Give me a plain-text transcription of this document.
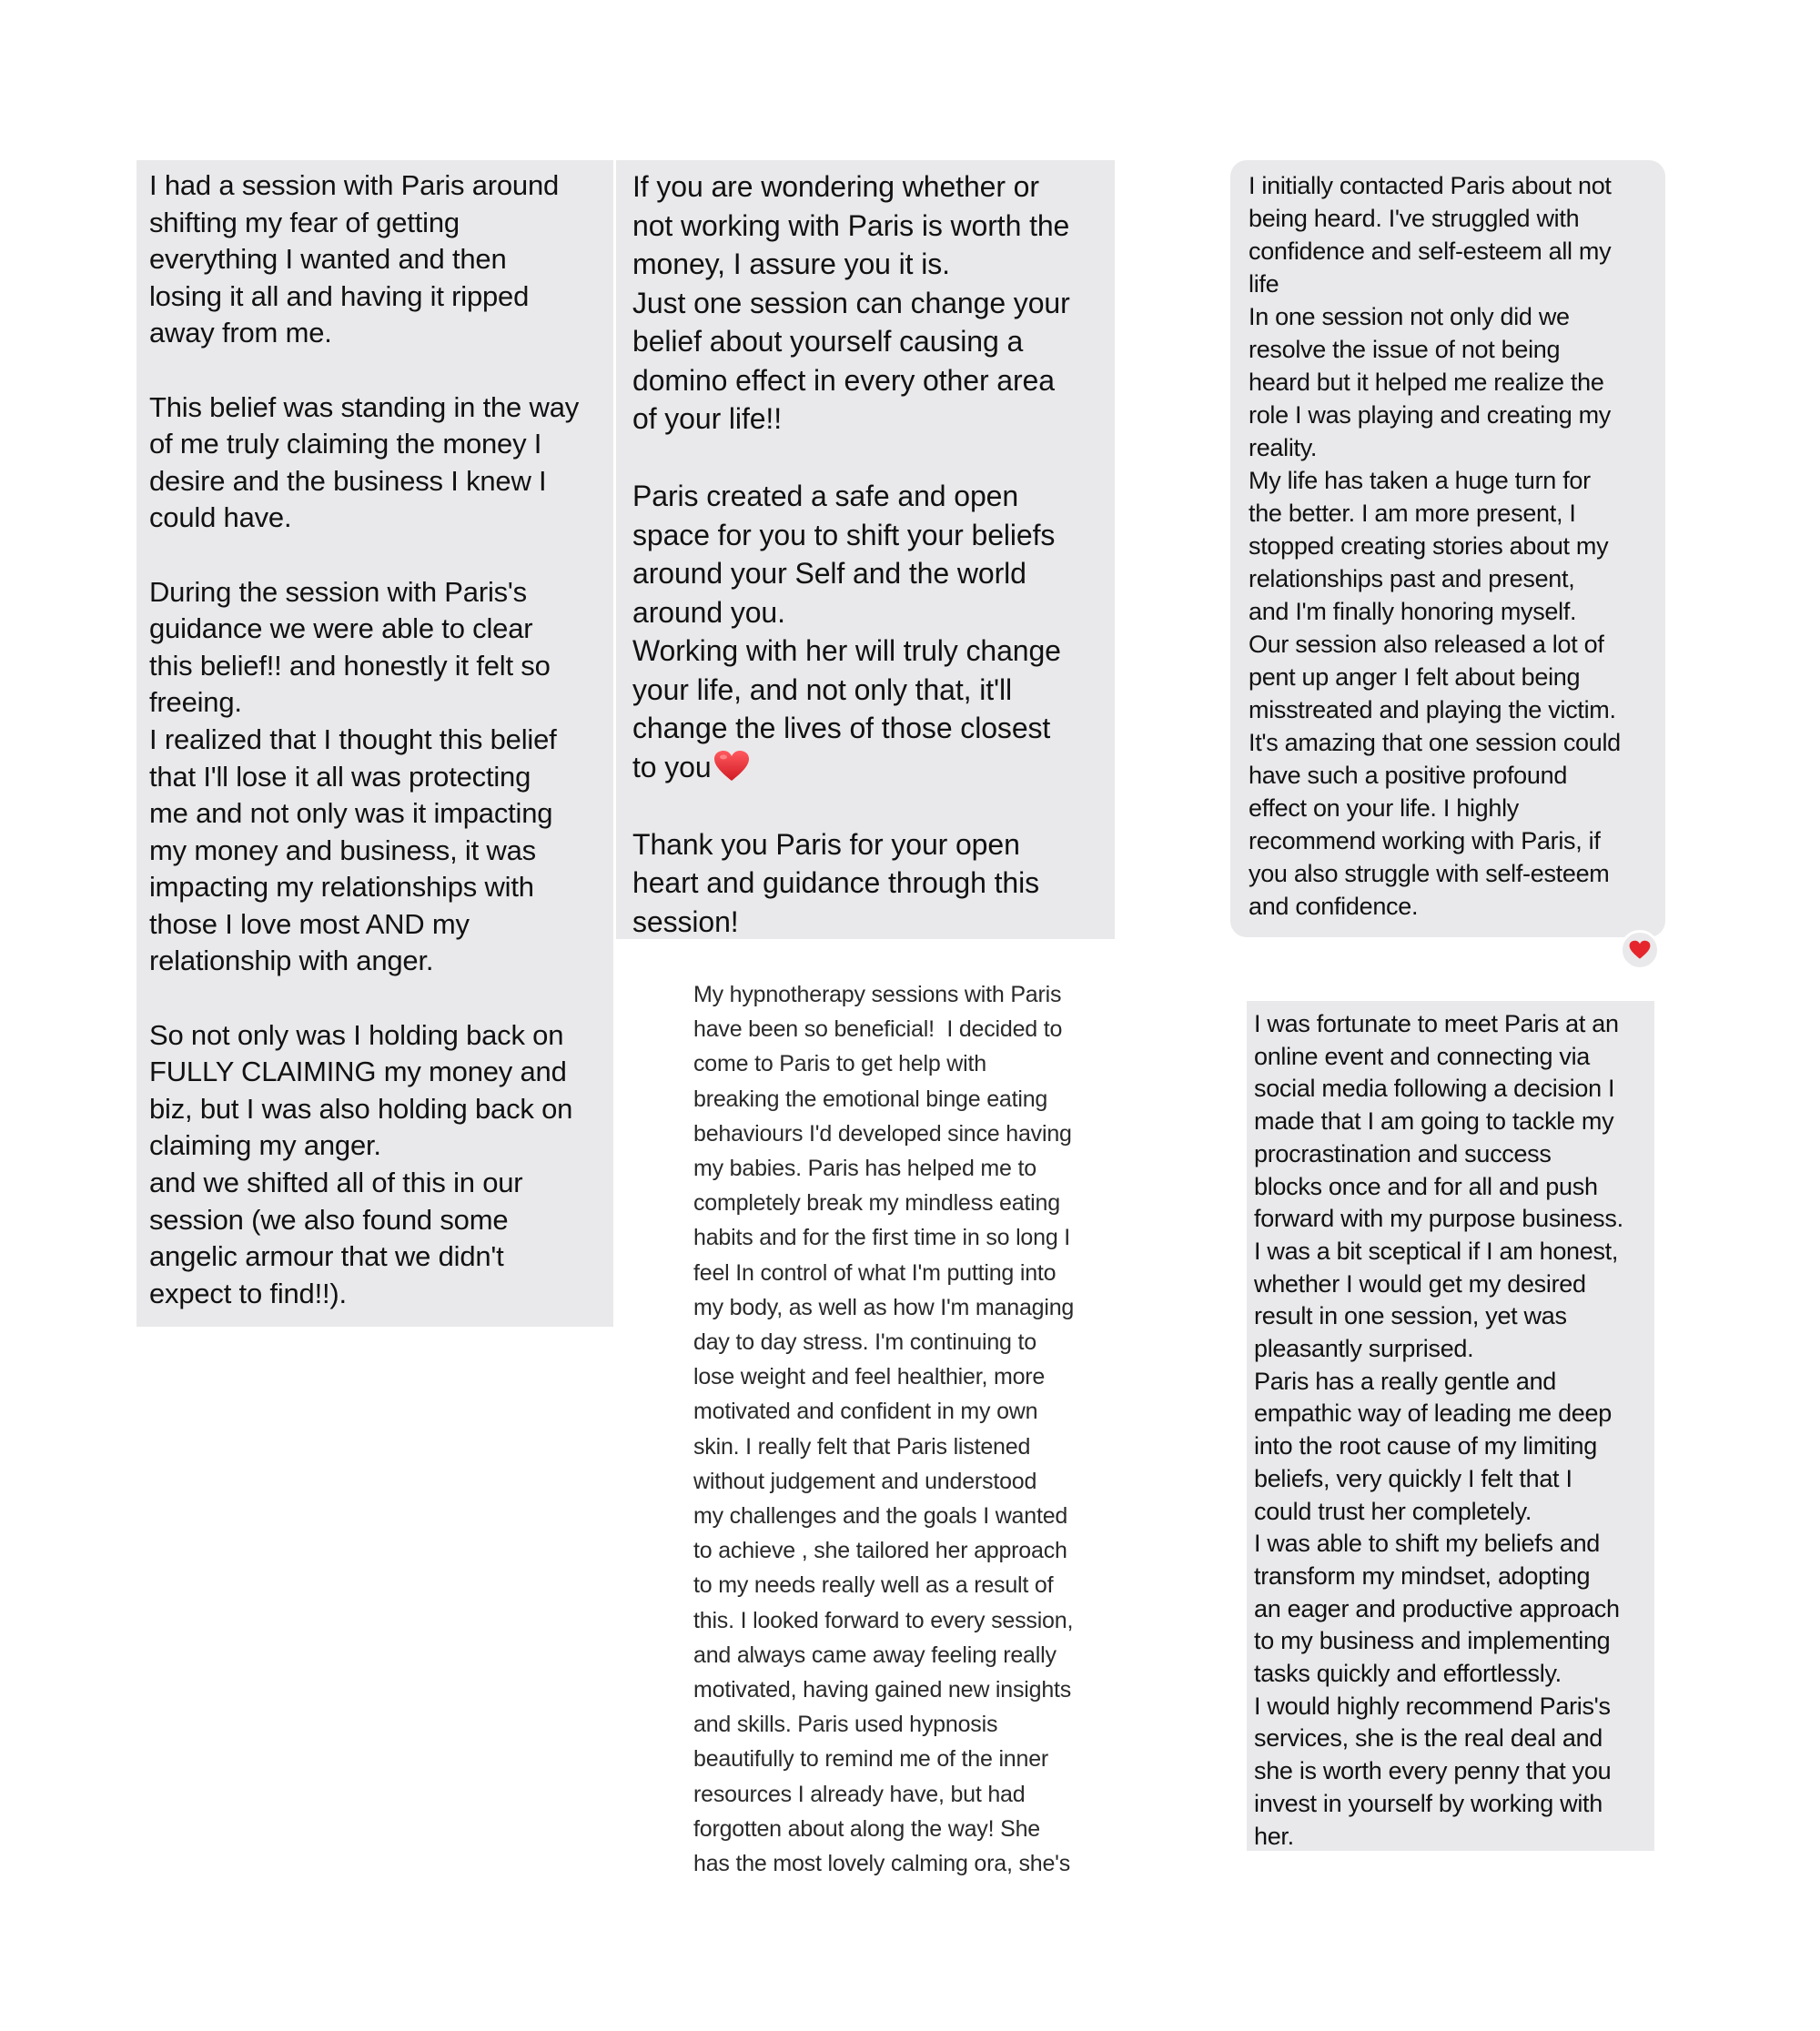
I had a session with Paris around
shifting my fear of getting
everything I wanted and then
losing it all and having it ripped
away from me.

This belief was standing in the way
of me truly claiming the money I
desire and the business I knew I
could have.

During the session with Paris's
guidance we were able to clear
this belief!! and honestly it felt so
freeing.
I realized that I thought this belief
that I'll lose it all was protecting
me and not only was it impacting
my money and business, it was
impacting my relationships with
those I love most AND my
relationship with anger.

So not only was I holding back on
FULLY CLAIMING my money and
biz, but I was also holding back on
claiming my anger.
and we shifted all of this in our
session (we also found some
angelic armour that we didn't
expect to find!!).
If you are wondering whether or
not working with Paris is worth the
money, I assure you it is.
Just one session can change your
belief about yourself causing a
domino effect in every other area
of your life!!

Paris created a safe and open
space for you to shift your beliefs
around your Self and the world
around you.
Working with her will truly change
your life, and not only that, it'll
change the lives of those closest
to you

Thank you Paris for your open
heart and guidance through this
session!
I initially contacted Paris about not
being heard. I've struggled with
confidence and self-esteem all my
life
In one session not only did we
resolve the issue of not being
heard but it helped me realize the
role I was playing and creating my
reality.
My life has taken a huge turn for
the better. I am more present, I
stopped creating stories about my
relationships past and present,
and I'm finally honoring myself.
Our session also released a lot of
pent up anger I felt about being
misstreated and playing the victim.
It's amazing that one session could
have such a positive profound
effect on your life. I highly
recommend working with Paris, if
you also struggle with self-esteem
and confidence.
My hypnotherapy sessions with Paris
have been so beneficial!  I decided to
come to Paris to get help with
breaking the emotional binge eating
behaviours I'd developed since having
my babies. Paris has helped me to
completely break my mindless eating
habits and for the first time in so long I
feel In control of what I'm putting into
my body, as well as how I'm managing
day to day stress. I'm continuing to
lose weight and feel healthier, more
motivated and confident in my own
skin. I really felt that Paris listened
without judgement and understood
my challenges and the goals I wanted
to achieve , she tailored her approach
to my needs really well as a result of
this. I looked forward to every session,
and always came away feeling really
motivated, having gained new insights
and skills. Paris used hypnosis
beautifully to remind me of the inner
resources I already have, but had
forgotten about along the way! She
has the most lovely calming ora, she's
I was fortunate to meet Paris at an
online event and connecting via
social media following a decision I
made that I am going to tackle my
procrastination and success
blocks once and for all and push
forward with my purpose business.
I was a bit sceptical if I am honest,
whether I would get my desired
result in one session, yet was
pleasantly surprised.
Paris has a really gentle and
empathic way of leading me deep
into the root cause of my limiting
beliefs, very quickly I felt that I
could trust her completely.
I was able to shift my beliefs and
transform my mindset, adopting
an eager and productive approach
to my business and implementing
tasks quickly and effortlessly.
I would highly recommend Paris's
services, she is the real deal and
she is worth every penny that you
invest in yourself by working with
her.
